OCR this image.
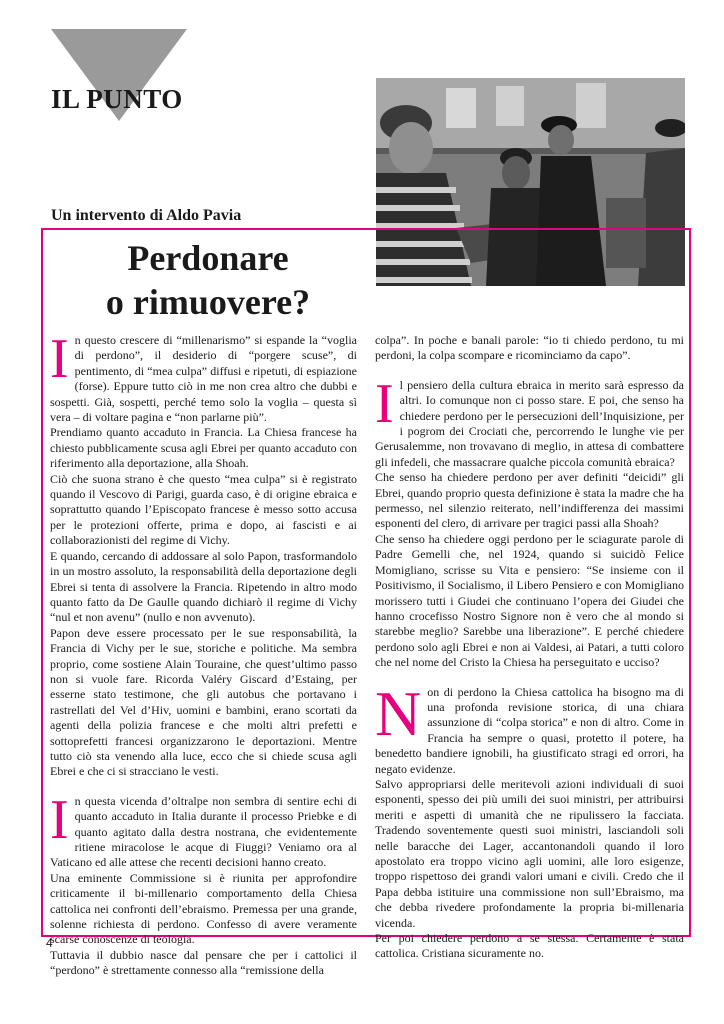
IL PUNTO
Un intervento di Aldo Pavia
Perdonare
o rimuovere?

In questo crescere di “millenarismo” si espande la “voglia di perdono”, il desiderio di “porgere scuse”, di pentimento, di “mea culpa” diffusi e ripetuti, di espiazione (forse). Eppure tutto ciò in me non crea altro che dubbi e sospetti. Già, sospetti, perché temo solo la voglia – questa sì vera – di voltare pagina e “non parlarne più”.

Prendiamo quanto accaduto in Francia. La Chiesa francese ha chiesto pubblicamente scusa agli Ebrei per quanto accaduto con riferimento alla deportazione, alla Shoah.

Ciò che suona strano è che questo “mea culpa” si è registrato quando il Vescovo di Parigi, guarda caso, è di origine ebraica e soprattutto quando l’Episcopato francese è messo sotto accusa per le protezioni offerte, prima e dopo, ai fascisti e ai collaborazionisti del regime di Vichy.

E quando, cercando di addossare al solo Papon, trasformandolo in un mostro assoluto, la responsabilità della deportazione degli Ebrei si tenta di assolvere la Francia. Ripetendo in altro modo quanto fatto da De Gaulle quando dichiarò il regime di Vichy “nul et non avenu” (nullo e non avvenuto).

Papon deve essere processato per le sue responsabilità, la Francia di Vichy per le sue, storiche e politiche. Ma sembra proprio, come sostiene Alain Touraine, che quest’ultimo passo non si vuole fare. Ricorda Valéry Giscard d’Estaing, per esserne stato testimone, che gli autobus che portavano i rastrellati del Vel d’Hiv, uomini e bambini, erano scortati da agenti della polizia francese e che molti altri prefetti e sottoprefetti francesi organizzarono le deportazioni. Mentre tutto ciò sta venendo alla luce, ecco che si chiede scusa agli Ebrei e che ci si stracciano le vesti.

In questa vicenda d’oltralpe non sembra di sentire echi di quanto accaduto in Italia durante il processo Priebke e di quanto agitato dalla destra nostrana, che evidentemente ritiene miracolose le acque di Fiuggi? Veniamo ora al Vaticano ed alle attese che recenti decisioni hanno creato.

Una eminente Commissione si è riunita per approfondire criticamente il bi-millenario comportamento della Chiesa cattolica nei confronti dell’ebraismo. Premessa per una grande, solenne richiesta di perdono. Confesso di avere veramente scarse conoscenze di teologia.

Tuttavia il dubbio nasce dal pensare che per i cattolici il “perdono” è strettamente connesso alla “remissione della

colpa”. In poche e banali parole: “io ti chiedo perdono, tu mi perdoni, la colpa scompare e ricominciamo da capo”.

Il pensiero della cultura ebraica in merito sarà espresso da altri. Io comunque non ci posso stare. E poi, che senso ha chiedere perdono per le persecuzioni dell’Inquisizione, per i pogrom dei Crociati che, percorrendo le lunghe vie per Gerusalemme, non trovavano di meglio, in attesa di combattere gli infedeli, che massacrare qualche piccola comunità ebraica?

Che senso ha chiedere perdono per aver definiti “deicidi” gli Ebrei, quando proprio questa definizione è stata la madre che ha permesso, nel silenzio reiterato, nell’indifferenza dei massimi esponenti del clero, di arrivare per tragici passi alla Shoah?

Che senso ha chiedere oggi perdono per le sciagurate parole di Padre Gemelli che, nel 1924, quando si suicidò Felice Momigliano, scrisse su Vita e pensiero: “Se insieme con il Positivismo, il Socialismo, il Libero Pensiero e con Momigliano morissero tutti i Giudei che continuano l’opera dei Giudei che hanno crocefisso Nostro Signore non è vero che al mondo si starebbe meglio? Sarebbe una liberazione”. E perché chiedere perdono solo agli Ebrei e non ai Valdesi, ai Patari, a tutti coloro che nel nome del Cristo la Chiesa ha perseguitato e ucciso?

Non di perdono la Chiesa cattolica ha bisogno ma di una profonda revisione storica, di una chiara assunzione di “colpa storica” e non di altro. Come in Francia ha sempre o quasi, protetto il potere, ha benedetto bandiere ignobili, ha giustificato stragi ed orrori, ha negato evidenze.

Salvo appropriarsi delle meritevoli azioni individuali di suoi esponenti, spesso dei più umili dei suoi ministri, per attribuirsi meriti e aspetti di umanità che ne ripulissero la facciata. Tradendo soventemente questi suoi ministri, lasciandoli soli nelle baracche dei Lager, accantonandoli quando il loro apostolato era troppo vicino agli uomini, alle loro esigenze, troppo rispettoso dei grandi valori umani e civili. Credo che il Papa debba istituire una commissione non sull’Ebraismo, ma che debba rivedere profondamente la propria bi-millenaria vicenda.

Per poi chiedere perdono a se stessa. Certamente è stata cattolica. Cristiana sicuramente no.

4
